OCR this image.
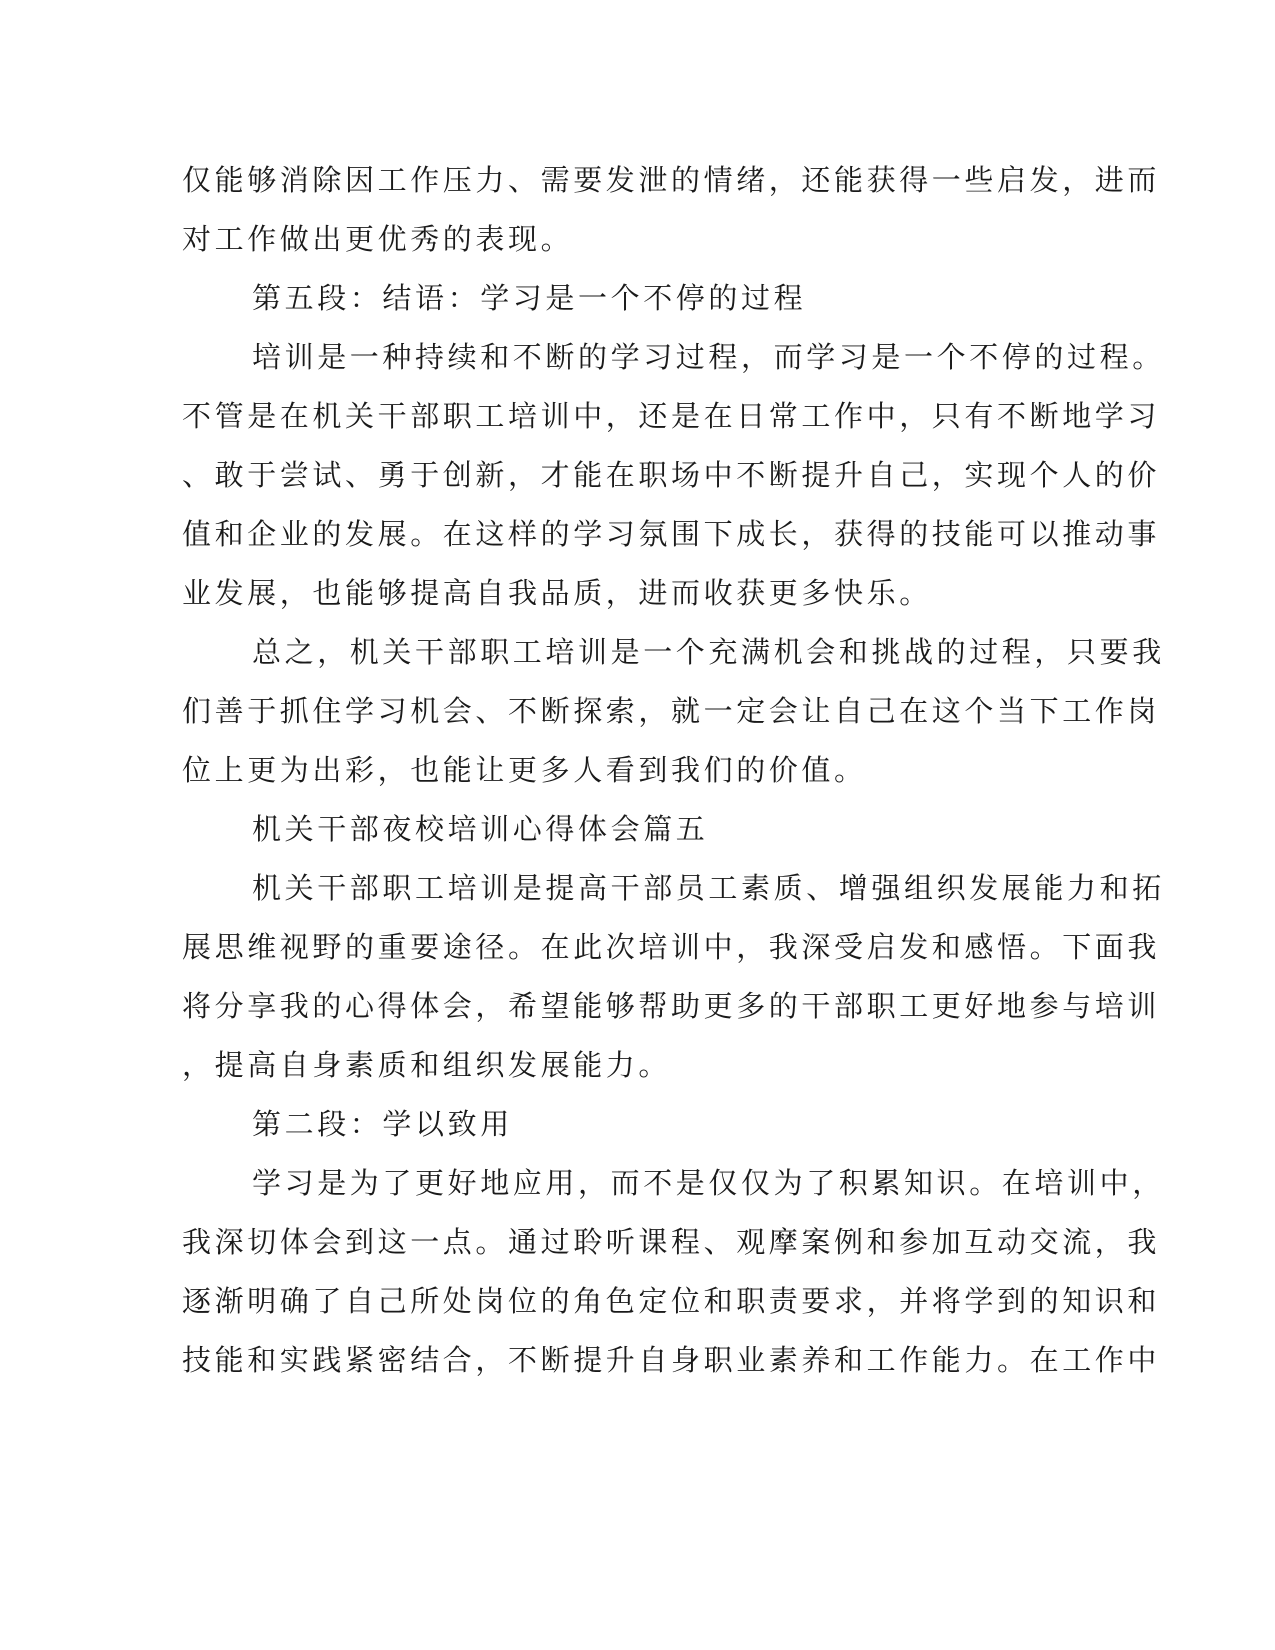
仅能够消除因工作压力、需要发泄的情绪，还能获得一些启发，进而
对工作做出更优秀的表现。
第五段：结语：学习是一个不停的过程
培训是一种持续和不断的学习过程，而学习是一个不停的过程。
不管是在机关干部职工培训中，还是在日常工作中，只有不断地学习
、敢于尝试、勇于创新，才能在职场中不断提升自己，实现个人的价
值和企业的发展。在这样的学习氛围下成长，获得的技能可以推动事
业发展，也能够提高自我品质，进而收获更多快乐。
总之，机关干部职工培训是一个充满机会和挑战的过程，只要我
们善于抓住学习机会、不断探索，就一定会让自己在这个当下工作岗
位上更为出彩，也能让更多人看到我们的价值。
机关干部夜校培训心得体会篇五
机关干部职工培训是提高干部员工素质、增强组织发展能力和拓
展思维视野的重要途径。在此次培训中，我深受启发和感悟。下面我
将分享我的心得体会，希望能够帮助更多的干部职工更好地参与培训
，提高自身素质和组织发展能力。
第二段：学以致用
学习是为了更好地应用，而不是仅仅为了积累知识。在培训中，
我深切体会到这一点。通过聆听课程、观摩案例和参加互动交流，我
逐渐明确了自己所处岗位的角色定位和职责要求，并将学到的知识和
技能和实践紧密结合，不断提升自身职业素养和工作能力。在工作中
